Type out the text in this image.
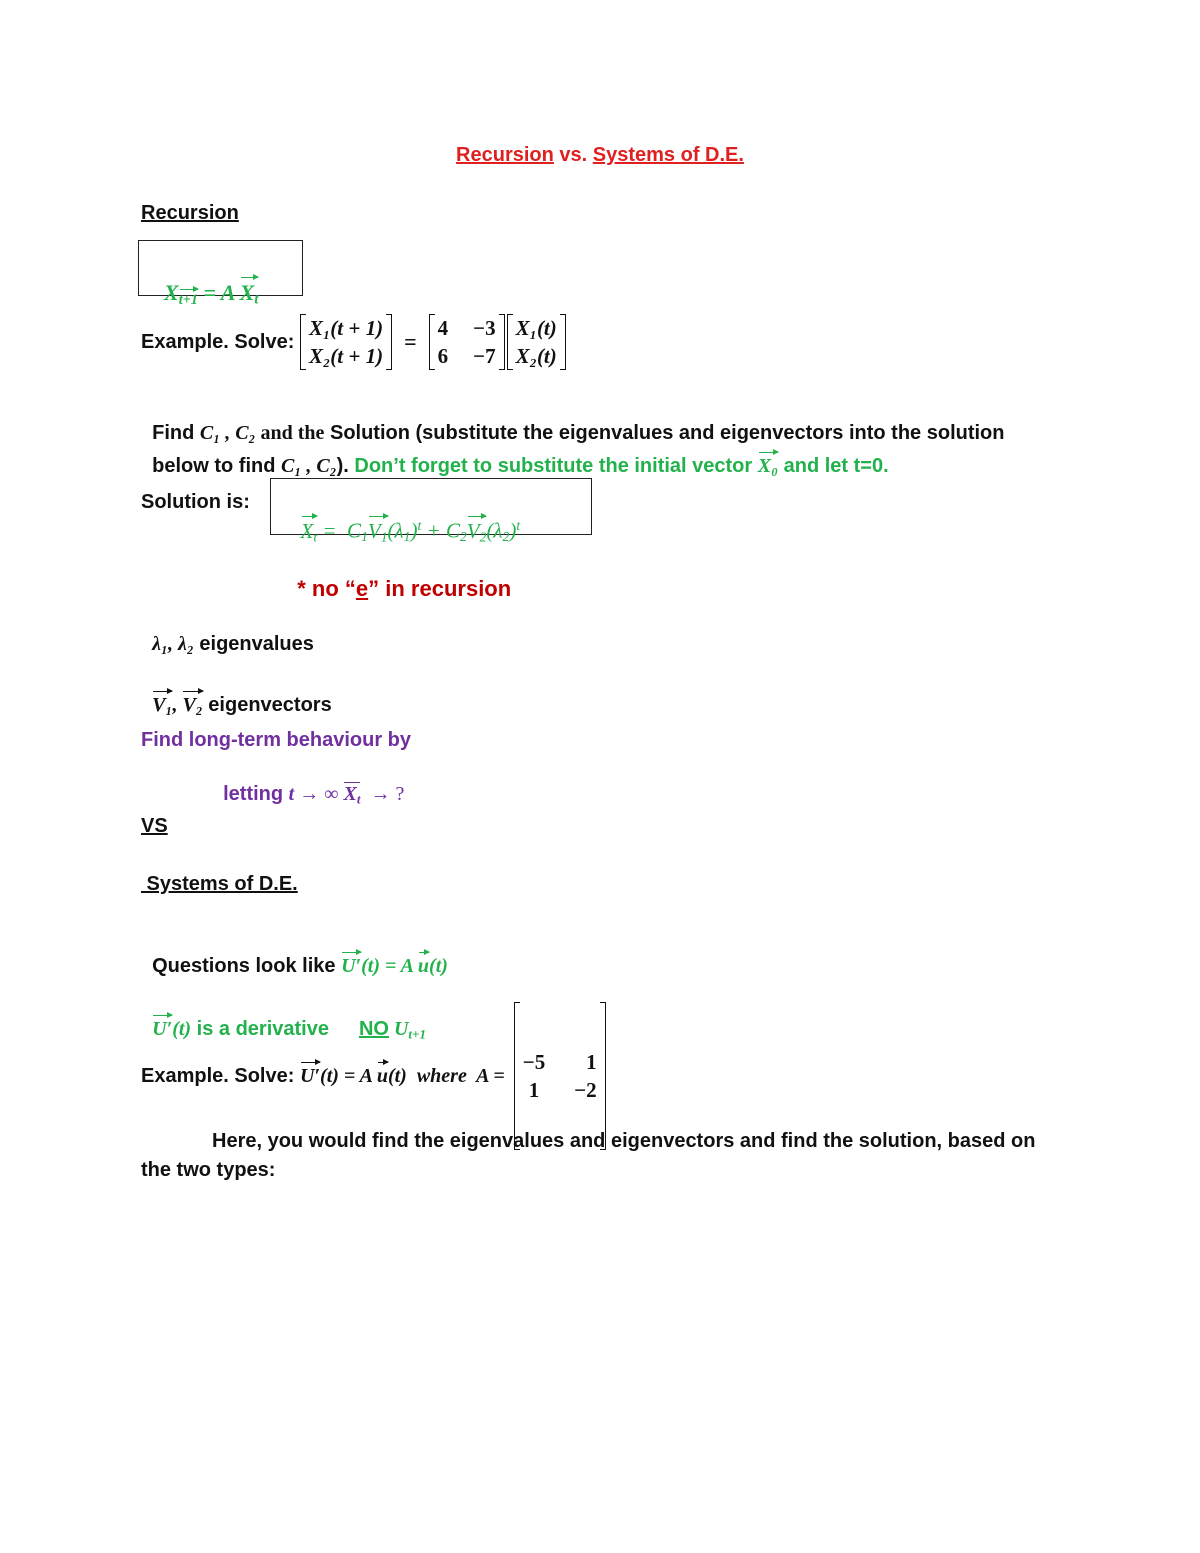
Recursion vs. Systems of D.E.
Recursion

$X_{t+1} = A$ $X_t$

Example. Solve:
X₁(t + 1)
X₂(t + 1)
=
4	−3
6	−7
X₁(t)
X₂(t)

Find C₁ , C₂ and the Solution (substitute the eigenvalues and eigenvectors into the solution

below to find C₁ , C₂). Don’t forget to substitute the initial vector X₀ and let t=0.

Solution is:

$X_t = C_1V_1(\lambda_1)^t + C_2V_2(\lambda_2)^t$

* no “e” in recursion

λ₁, λ₂ eigenvalues

V₁, V₂ eigenvectors

Find long-term behaviour by

letting t → ∞ $X_t$  → ?

VS
Systems of D.E.

Questions look like U′(t) = A u(t)

U′(t) is a derivative NO $U_{t+1}$

Example. Solve: U′ (t) = A u (t)  where  A =

−5	1
1	−2

Here, you would find the eigenvalues and eigenvectors and find the solution, based on
the two types:
